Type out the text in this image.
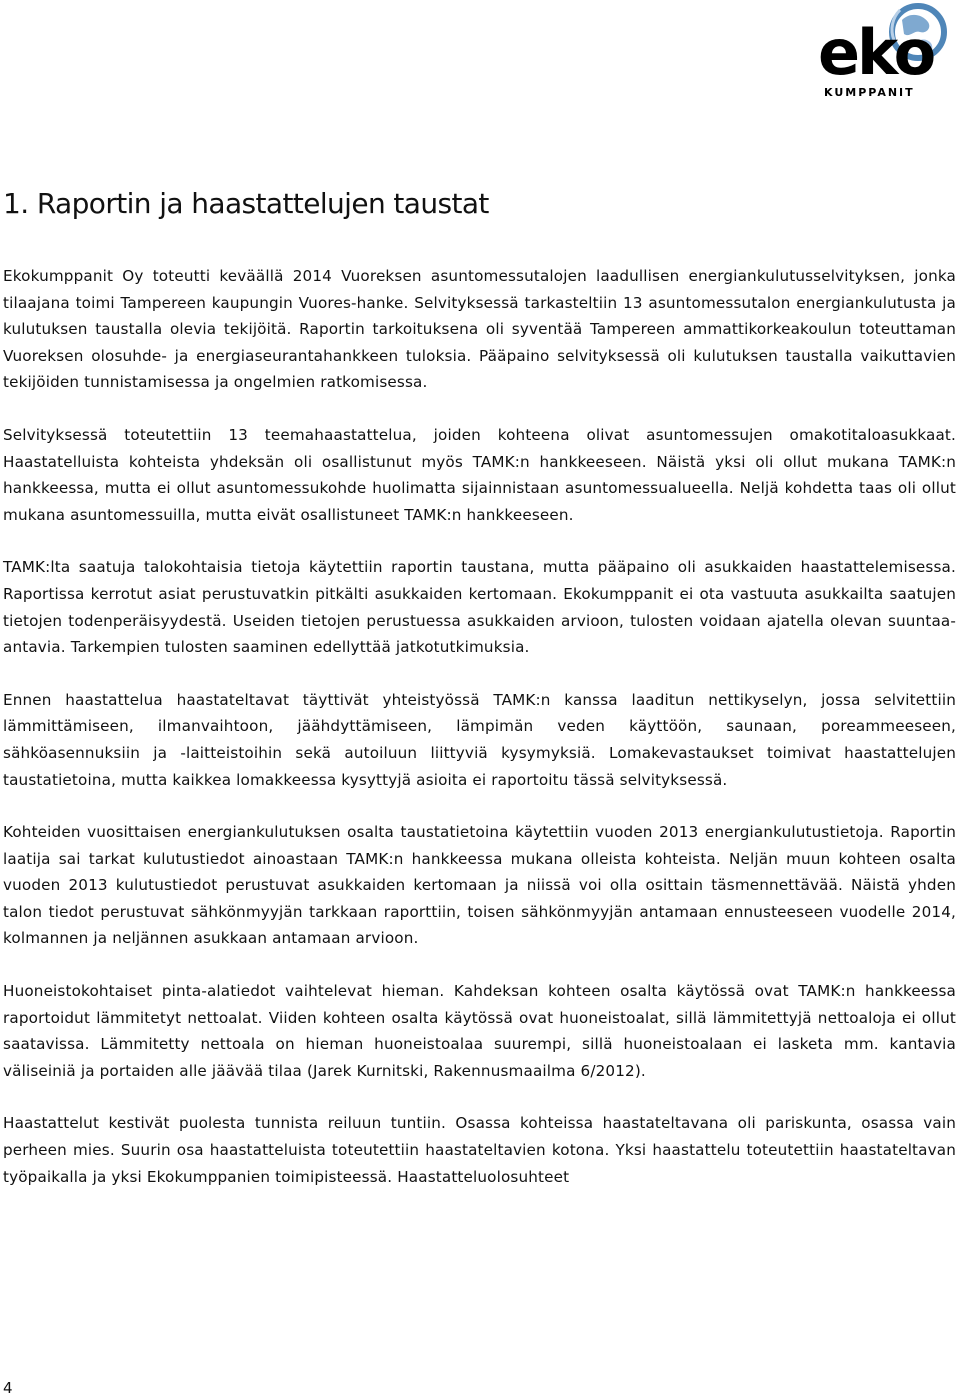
eko
KUMPPANIT
1. Raportin ja haastattelujen taustat

Ekokumppanit Oy toteutti keväällä 2014 Vuoreksen asuntomessutalojen laadullisen energiankulutusselvityksen, jonka tilaajana toimi Tampereen kaupungin Vuores-hanke. Selvityksessä tarkasteltiin 13 asuntomessutalon energiankulutusta ja kulutuksen taustalla olevia tekijöitä. Raportin tarkoituksena oli syventää Tampereen ammattikorkeakoulun toteuttaman Vuoreksen olosuhde- ja energiaseurantahankkeen tuloksia. Pääpaino selvityksessä oli kulutuksen taustalla vaikuttavien tekijöiden tunnistamisessa ja ongelmien ratkomisessa.

Selvityksessä toteutettiin 13 teemahaastattelua, joiden kohteena olivat asuntomessujen omakotitaloasukkaat. Haastatelluista kohteista yhdeksän oli osallistunut myös TAMK:n hankkeeseen. Näistä yksi oli ollut mukana TAMK:n hankkeessa, mutta ei ollut asuntomessukohde huolimatta sijainnistaan asuntomessualueella. Neljä kohdetta taas oli ollut mukana asuntomessuilla, mutta eivät osallistuneet TAMK:n hankkeeseen.

TAMK:lta saatuja talokohtaisia tietoja käytettiin raportin taustana, mutta pääpaino oli asukkaiden haastattelemisessa. Raportissa kerrotut asiat perustuvatkin pitkälti asukkaiden kertomaan. Ekokumppanit ei ota vastuuta asukkailta saatujen tietojen todenperäisyydestä. Useiden tietojen perustuessa asukkaiden arvioon, tulosten voidaan ajatella olevan suuntaa-antavia. Tarkempien tulosten saaminen edellyttää jatkotutkimuksia.

Ennen haastattelua haastateltavat täyttivät yhteistyössä TAMK:n kanssa laaditun nettikyselyn, jossa selvitettiin lämmittämiseen, ilmanvaihtoon, jäähdyttämiseen, lämpimän veden käyttöön, saunaan, poreammeeseen, sähköasennuksiin ja -laitteistoihin sekä autoiluun liittyviä kysymyksiä. Lomakevastaukset toimivat haastattelujen taustatietoina, mutta kaikkea lomakkeessa kysyttyjä asioita ei raportoitu tässä selvityksessä.

Kohteiden vuosittaisen energiankulutuksen osalta taustatietoina käytettiin vuoden 2013 energiankulutustietoja. Raportin laatija sai tarkat kulutustiedot ainoastaan TAMK:n hankkeessa mukana olleista kohteista. Neljän muun kohteen osalta vuoden 2013 kulutustiedot perustuvat asukkaiden kertomaan ja niissä voi olla osittain täsmennettävää. Näistä yhden talon tiedot perustuvat sähkönmyyjän tarkkaan raporttiin, toisen sähkönmyyjän antamaan ennusteeseen vuodelle 2014, kolmannen ja neljännen asukkaan antamaan arvioon.

Huoneistokohtaiset pinta-alatiedot vaihtelevat hieman. Kahdeksan kohteen osalta käytössä ovat TAMK:n hankkeessa raportoidut lämmitetyt nettoalat. Viiden kohteen osalta käytössä ovat huoneistoalat, sillä lämmitettyjä nettoaloja ei ollut saatavissa. Lämmitetty nettoala on hieman huoneistoalaa suurempi, sillä huoneistoalaan ei lasketa mm. kantavia väliseiniä ja portaiden alle jäävää tilaa (Jarek Kurnitski, Rakennusmaailma 6/2012).

Haastattelut kestivät puolesta tunnista reiluun tuntiin. Osassa kohteissa haastateltavana oli pariskunta, osassa vain perheen mies. Suurin osa haastatteluista toteutettiin haastateltavien kotona. Yksi haastattelu toteutettiin haastateltavan työpaikalla ja yksi Ekokumppanien toimipisteessä. Haastatteluolosuhteet

4
